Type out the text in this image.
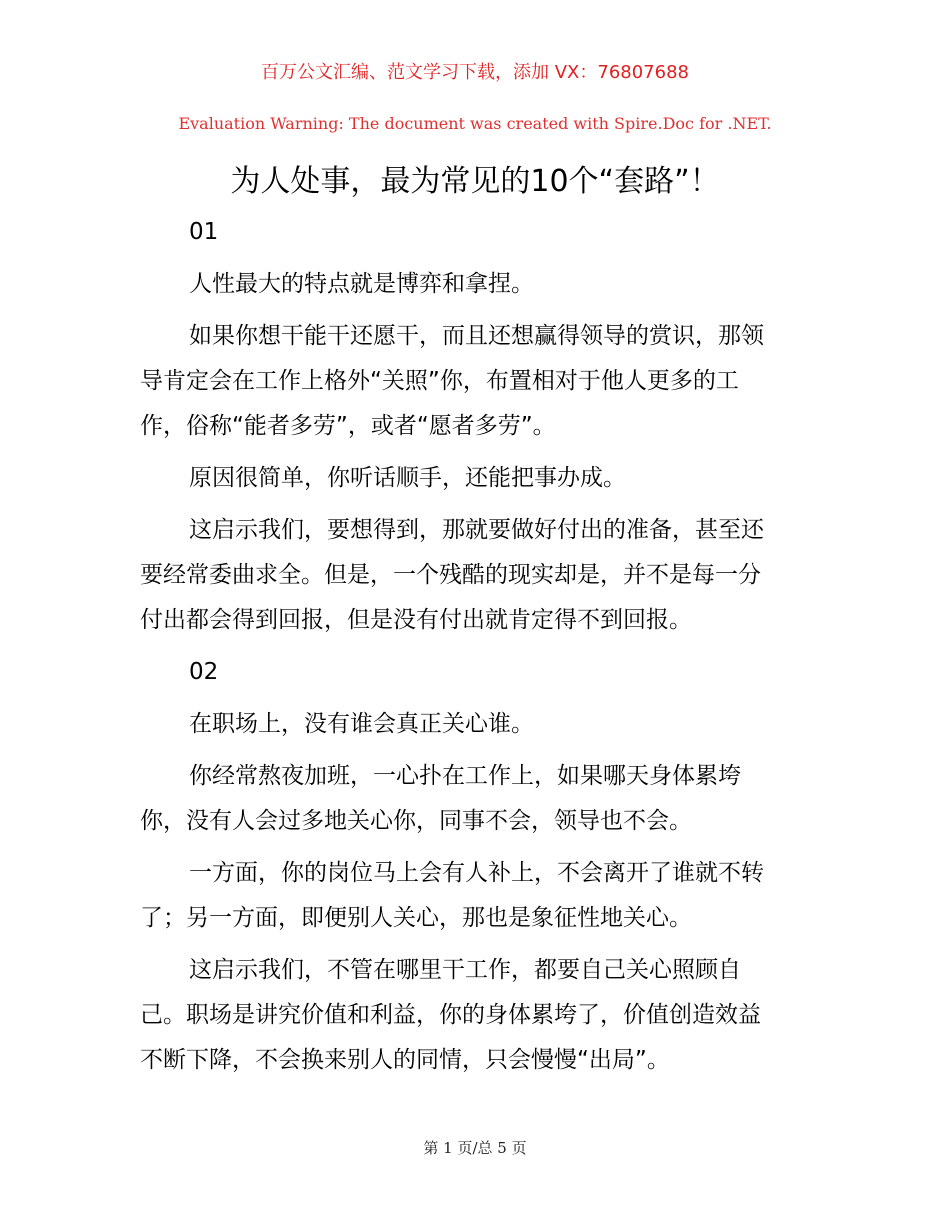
百万公文汇编、范文学习下载，添加 VX：76807688
Evaluation Warning: The document was created with Spire.Doc for .NET.
为人处事，最为常见的10个“套路”！
01
人性最大的特点就是博弈和拿捏。
如果你想干能干还愿干，而且还想赢得领导的赏识，那领
导肯定会在工作上格外“关照”你，布置相对于他人更多的工
作，俗称“能者多劳”，或者“愿者多劳”。
原因很简单，你听话顺手，还能把事办成。
这启示我们，要想得到，那就要做好付出的准备，甚至还
要经常委曲求全。但是，一个残酷的现实却是，并不是每一分
付出都会得到回报，但是没有付出就肯定得不到回报。
02
在职场上，没有谁会真正关心谁。
你经常熬夜加班，一心扑在工作上，如果哪天身体累垮
你，没有人会过多地关心你，同事不会，领导也不会。
一方面，你的岗位马上会有人补上，不会离开了谁就不转
了；另一方面，即便别人关心，那也是象征性地关心。
这启示我们，不管在哪里干工作，都要自己关心照顾自
己。职场是讲究价值和利益，你的身体累垮了，价值创造效益
不断下降，不会换来别人的同情，只会慢慢“出局”。
第 1 页/总 5 页
